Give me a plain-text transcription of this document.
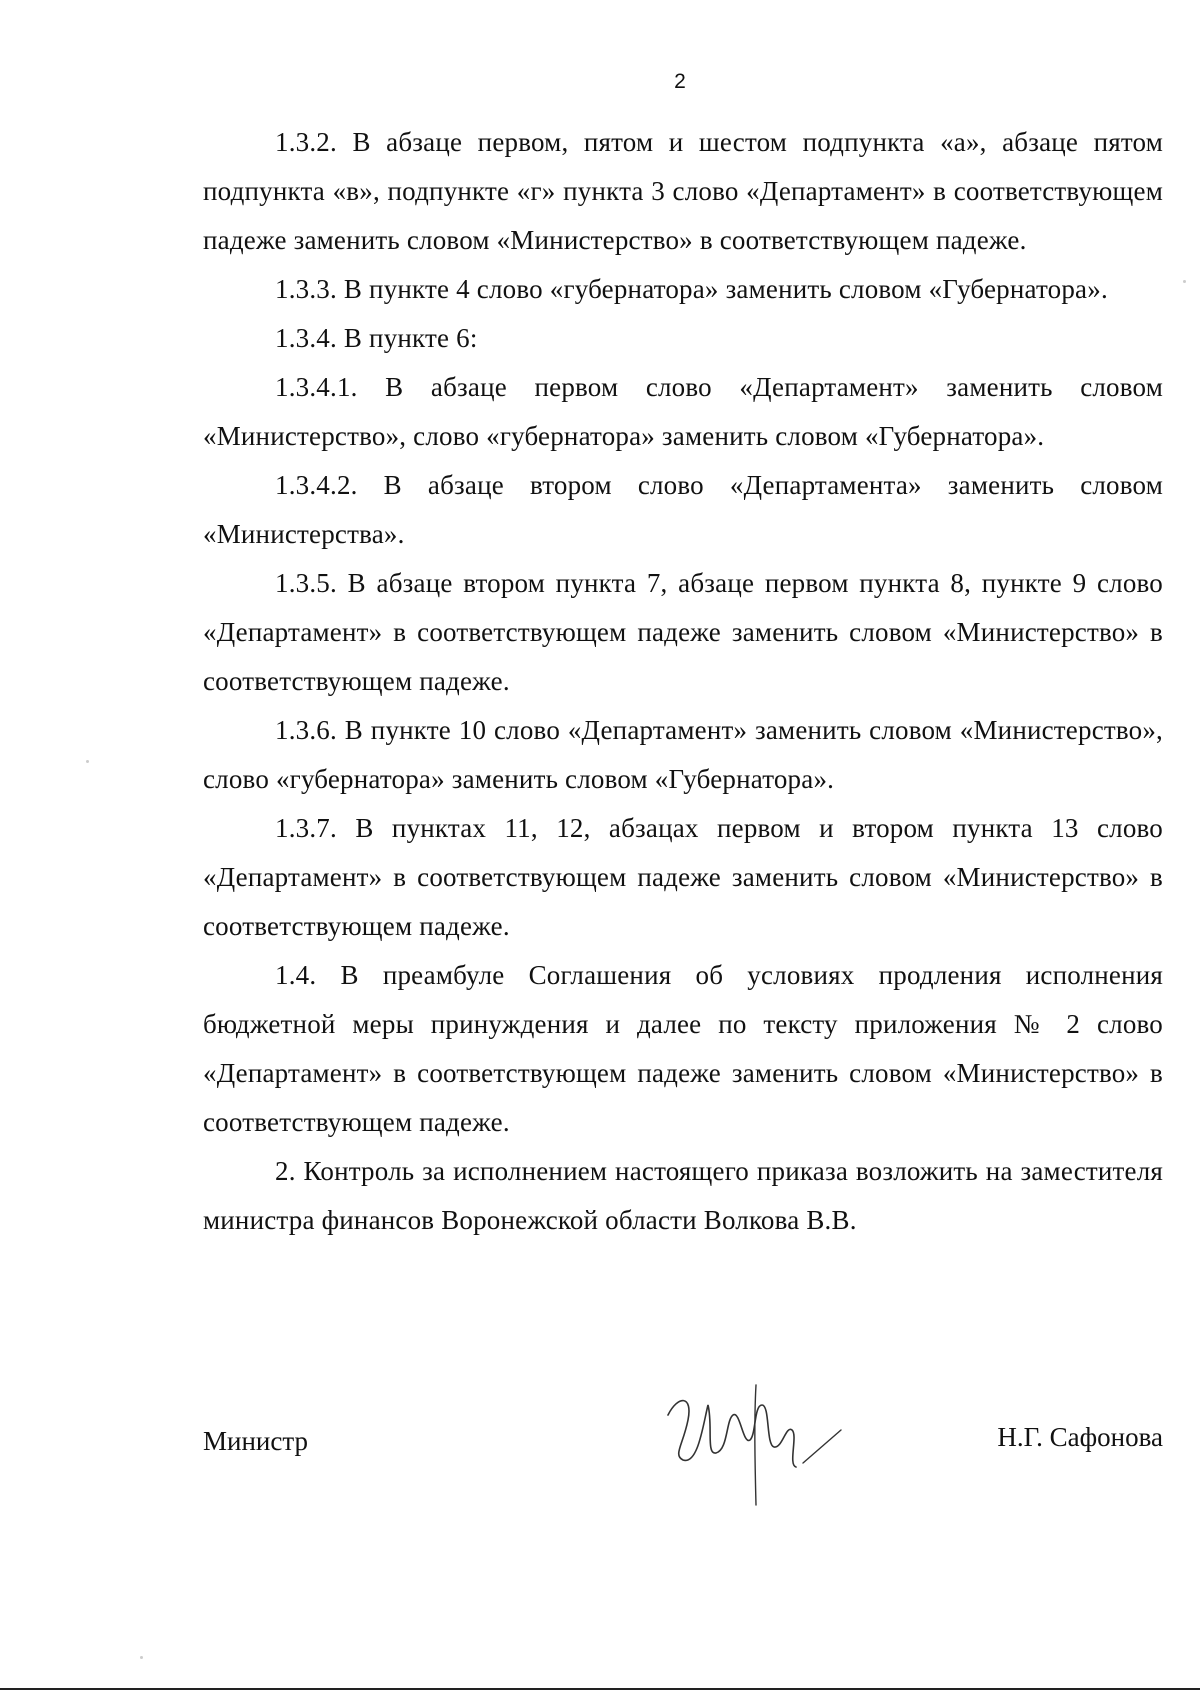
2

1.3.2. В абзаце первом, пятом и шестом подпункта «а», абзаце пятом подпункта «в», подпункте «г» пункта 3 слово «Департамент» в соответствующем падеже заменить словом «Министерство» в соответствующем падеже.

1.3.3. В пункте 4 слово «губернатора» заменить словом «Губернатора».

1.3.4. В пункте 6:

1.3.4.1. В абзаце первом слово «Департамент» заменить словом «Министерство», слово «губернатора» заменить словом «Губернатора».

1.3.4.2. В абзаце втором слово «Департамента» заменить словом «Министерства».

1.3.5. В абзаце втором пункта 7, абзаце первом пункта 8, пункте 9 слово «Департамент» в соответствующем падеже заменить словом «Министерство» в соответствующем падеже.

1.3.6. В пункте 10 слово «Департамент» заменить словом «Министерство», слово «губернатора» заменить словом «Губернатора».

1.3.7. В пунктах 11, 12, абзацах первом и втором пункта 13 слово «Департамент» в соответствующем падеже заменить словом «Министерство» в соответствующем падеже.

1.4. В преамбуле Соглашения об условиях продления исполнения бюджетной меры принуждения и далее по тексту приложения № 2 слово «Департамент» в соответствующем падеже заменить словом «Министерство» в соответствующем падеже.

2. Контроль за исполнением настоящего приказа возложить на заместителя министра финансов Воронежской области Волкова В.В.

Министр	Н.Г. Сафонова
